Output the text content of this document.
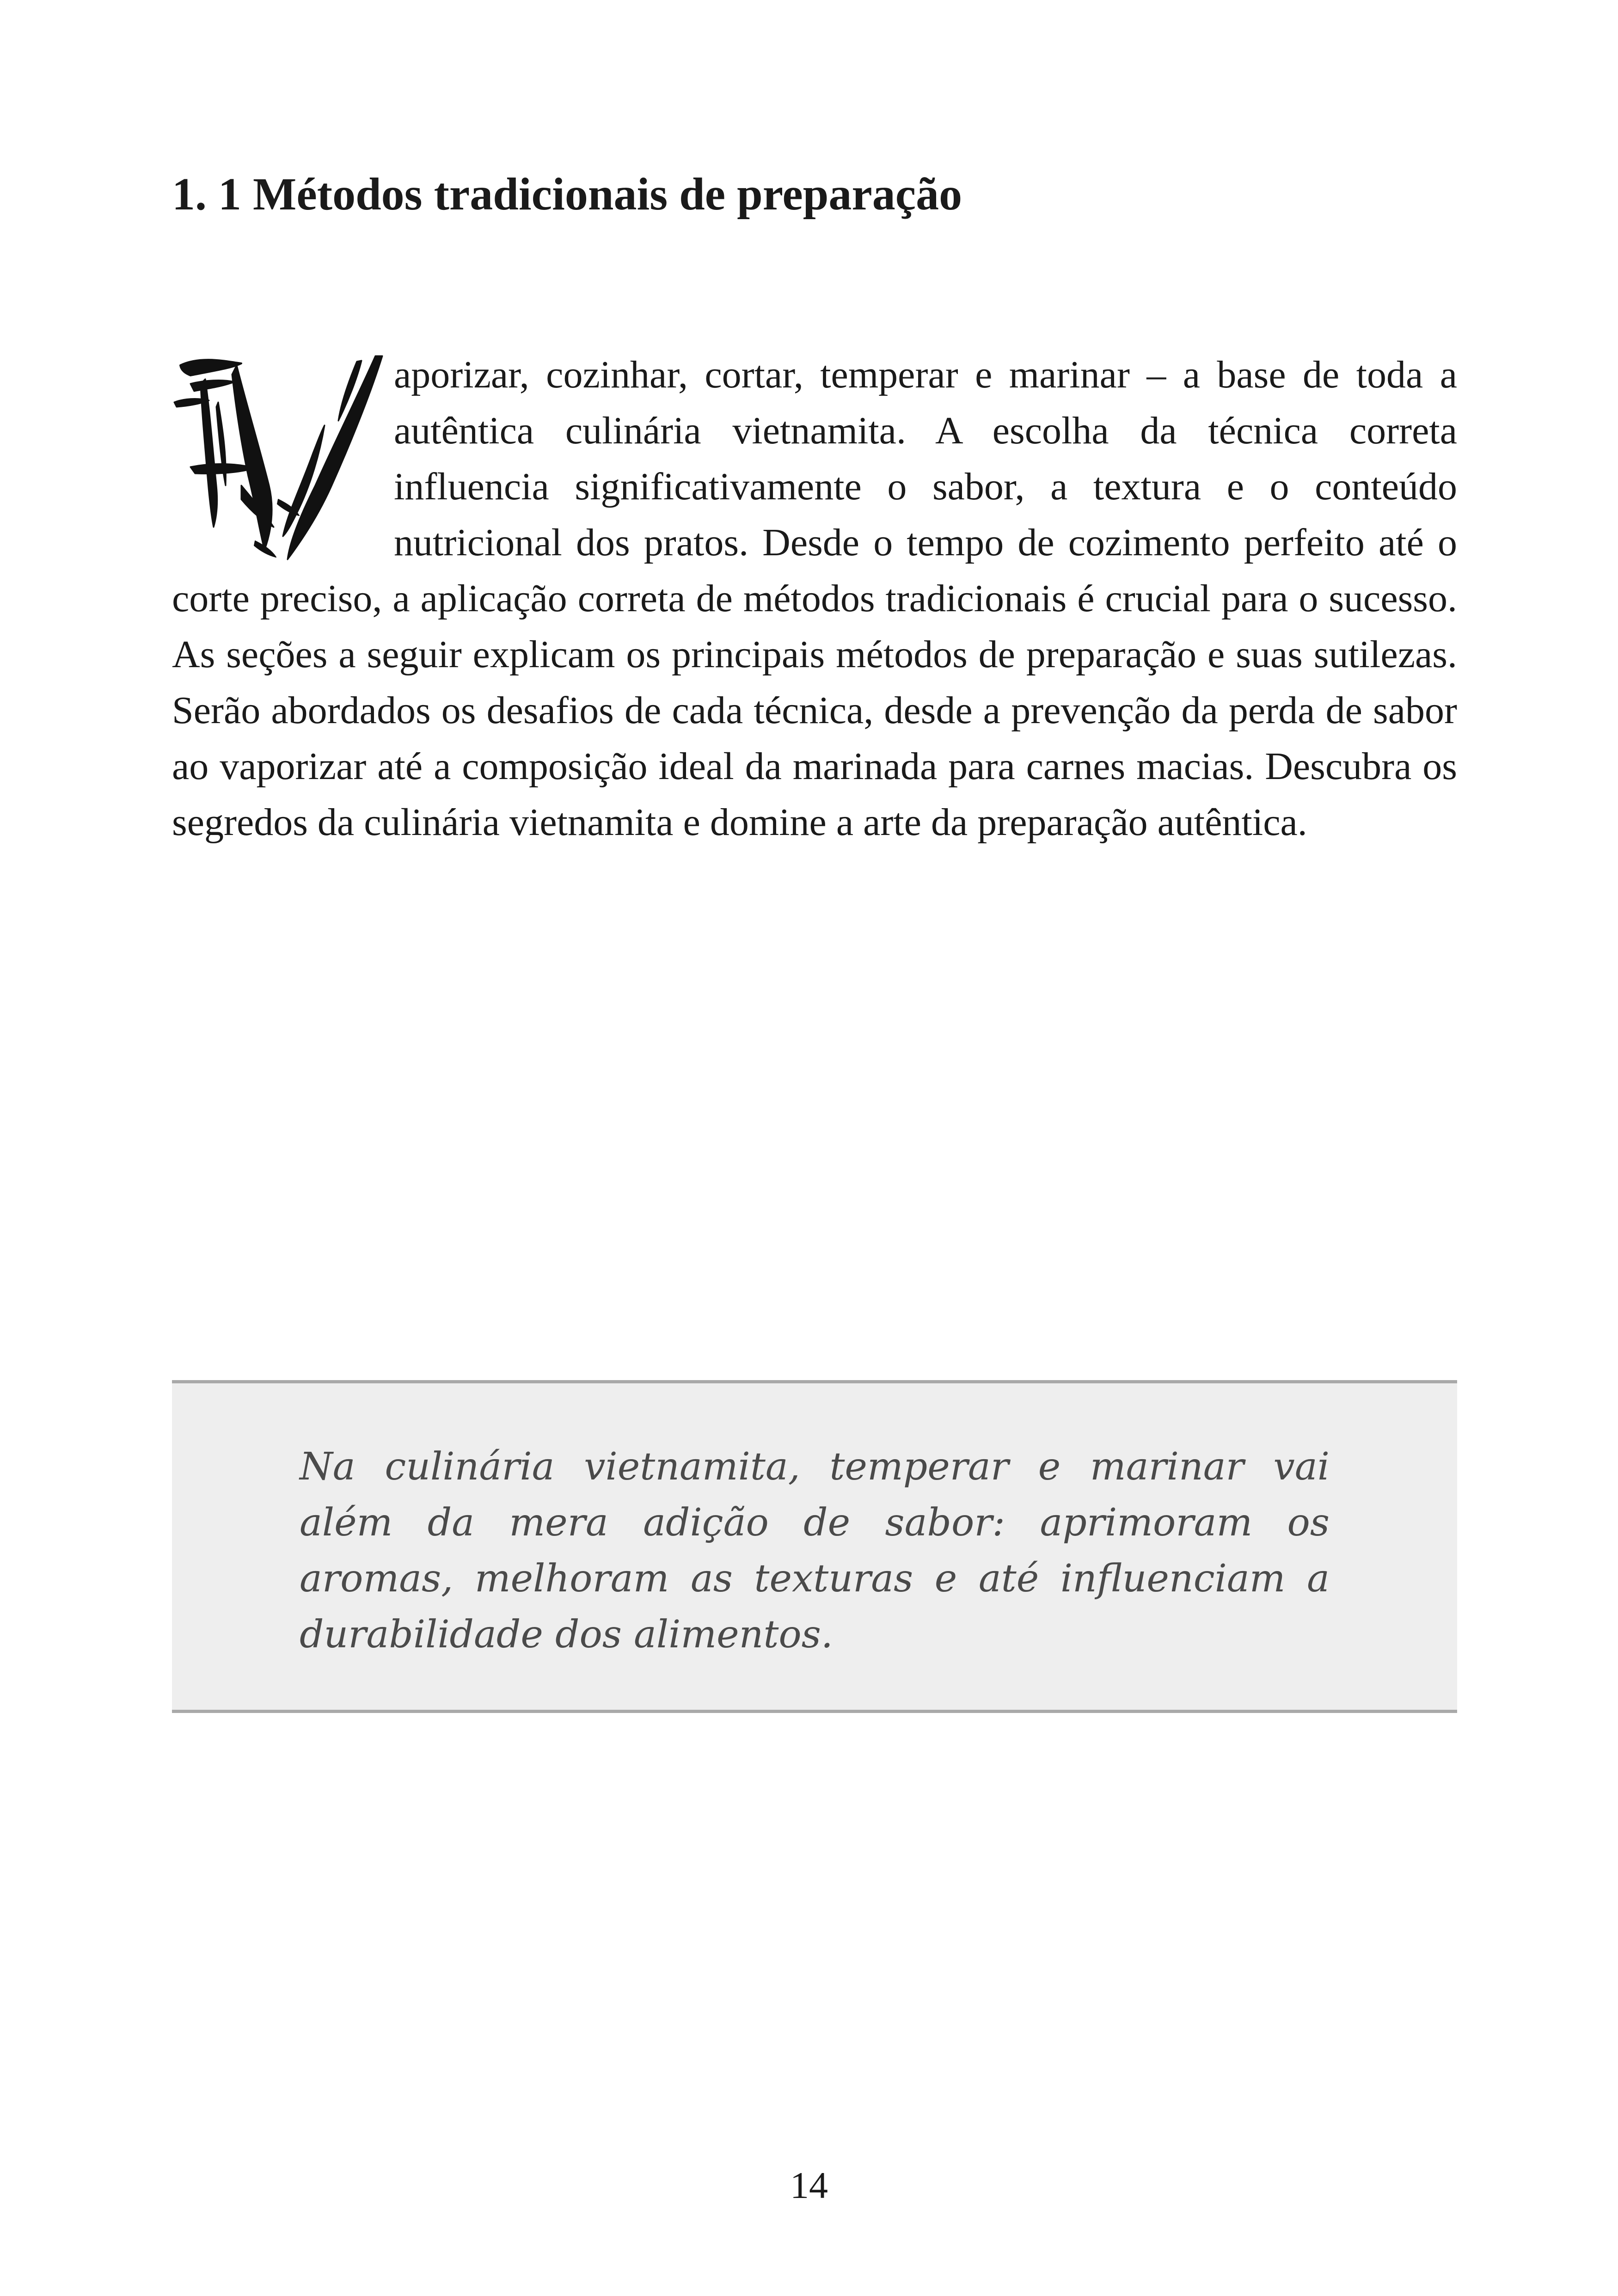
1. 1 Métodos tradicionais de preparação

aporizar, cozinhar, cortar, temperar e marinar – a base de toda a autêntica culinária vietnamita. A escolha da técnica correta influencia significativamente o sabor, a textura e o conteúdo nutricional dos pratos. Desde o tempo de cozimento perfeito até o corte preciso, a aplicação correta de métodos tradicionais é crucial para o sucesso. As seções a seguir explicam os principais métodos de preparação e suas sutilezas. Serão abordados os desafios de cada técnica, desde a prevenção da perda de sabor ao vaporizar até a composição ideal da marinada para carnes macias. Descubra os segredos da culinária vietnamita e domine a arte da preparação autêntica.

Na culinária vietnamita, temperar e marinar vai além da mera adição de sabor: aprimoram os aromas, melhoram as texturas e até influenciam a durabilidade dos alimentos.

14
